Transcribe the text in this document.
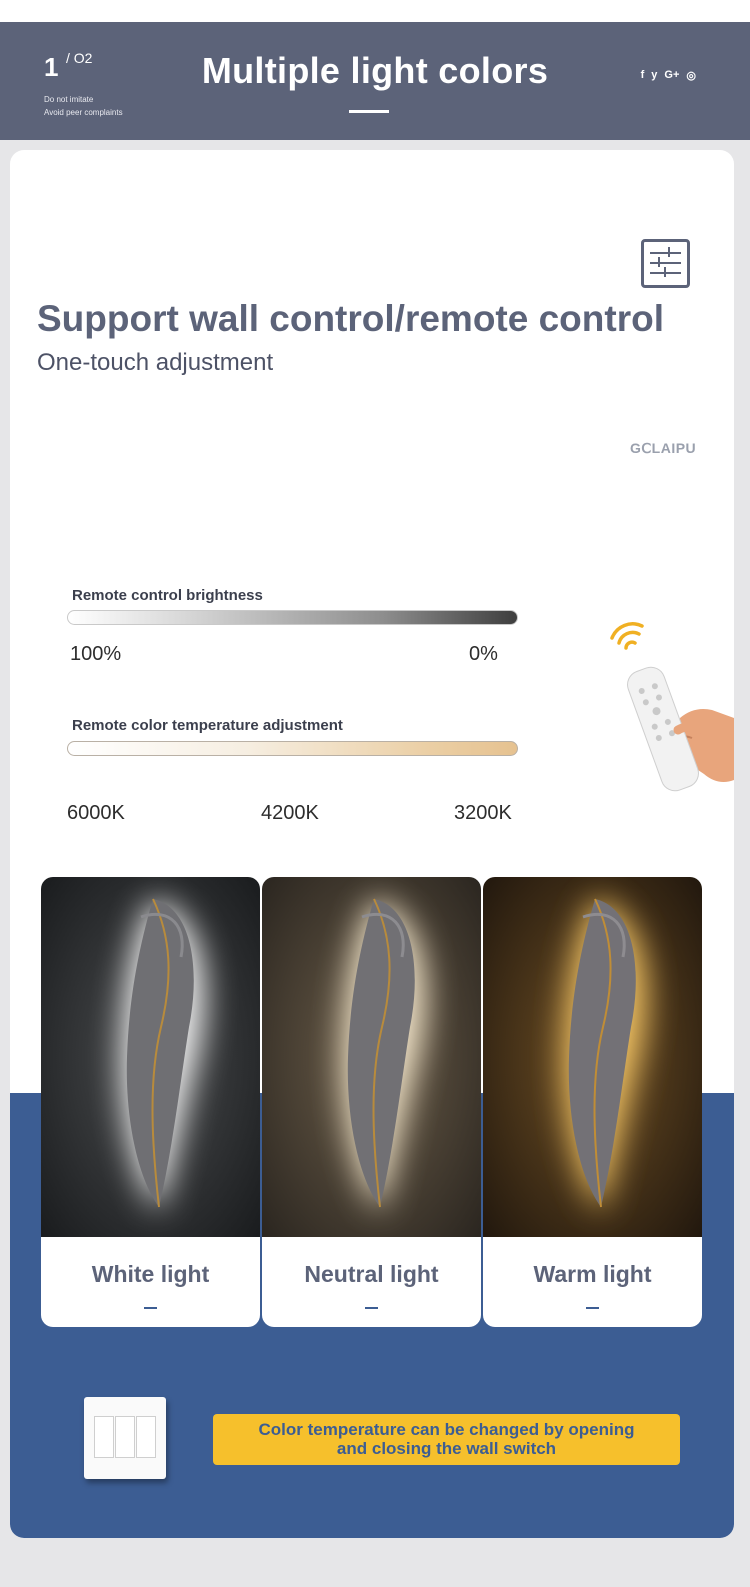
1 / O2
Do not imitate
Avoid peer complaints
Multiple light colors	f y G+ ◎
Support wall control/remote control
One-touch adjustment
GⅭLAIPU
Remote control brightness
100%	0%
Remote color temperature adjustment
6000K	4200K	3200K
White light	Neutral light	Warm light
Color temperature can be changed by opening
and closing the wall switch
